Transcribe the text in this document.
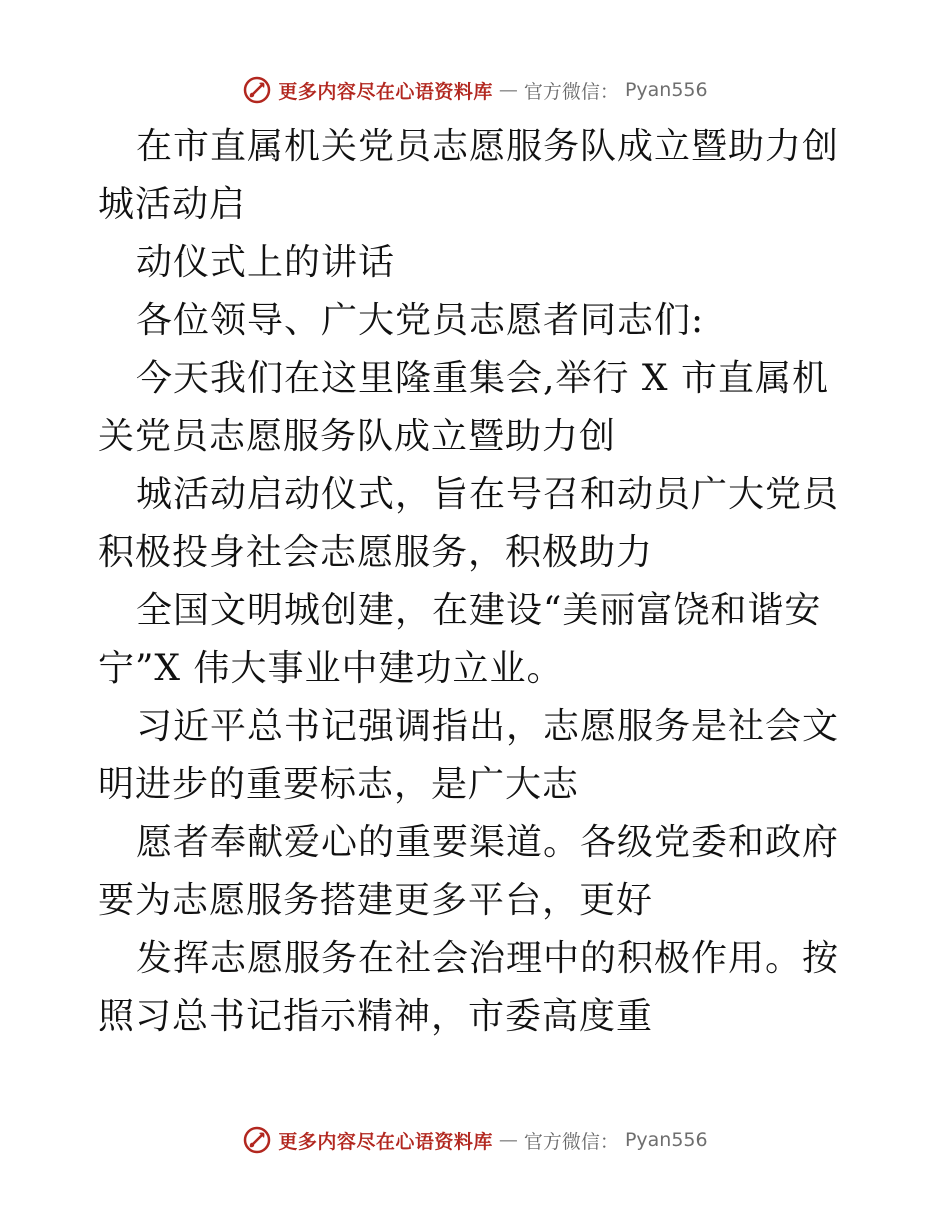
更多内容尽在心语资料库 — 官方微信： Pyan556

在市直属机关党员志愿服务队成立暨助力创城活动启

动仪式上的讲话

各位领导、广大党员志愿者同志们:

今天我们在这里隆重集会,举行 X 市直属机关党员志愿服务队成立暨助力创

城活动启动仪式，旨在号召和动员广大党员积极投身社会志愿服务，积极助力

全国文明城创建，在建设“美丽富饶和谐安宁”X 伟大事业中建功立业。

习近平总书记强调指出，志愿服务是社会文明进步的重要标志，是广大志

愿者奉献爱心的重要渠道。各级党委和政府要为志愿服务搭建更多平台，更好

发挥志愿服务在社会治理中的积极作用。按照习总书记指示精神，市委高度重

更多内容尽在心语资料库 — 官方微信： Pyan556
